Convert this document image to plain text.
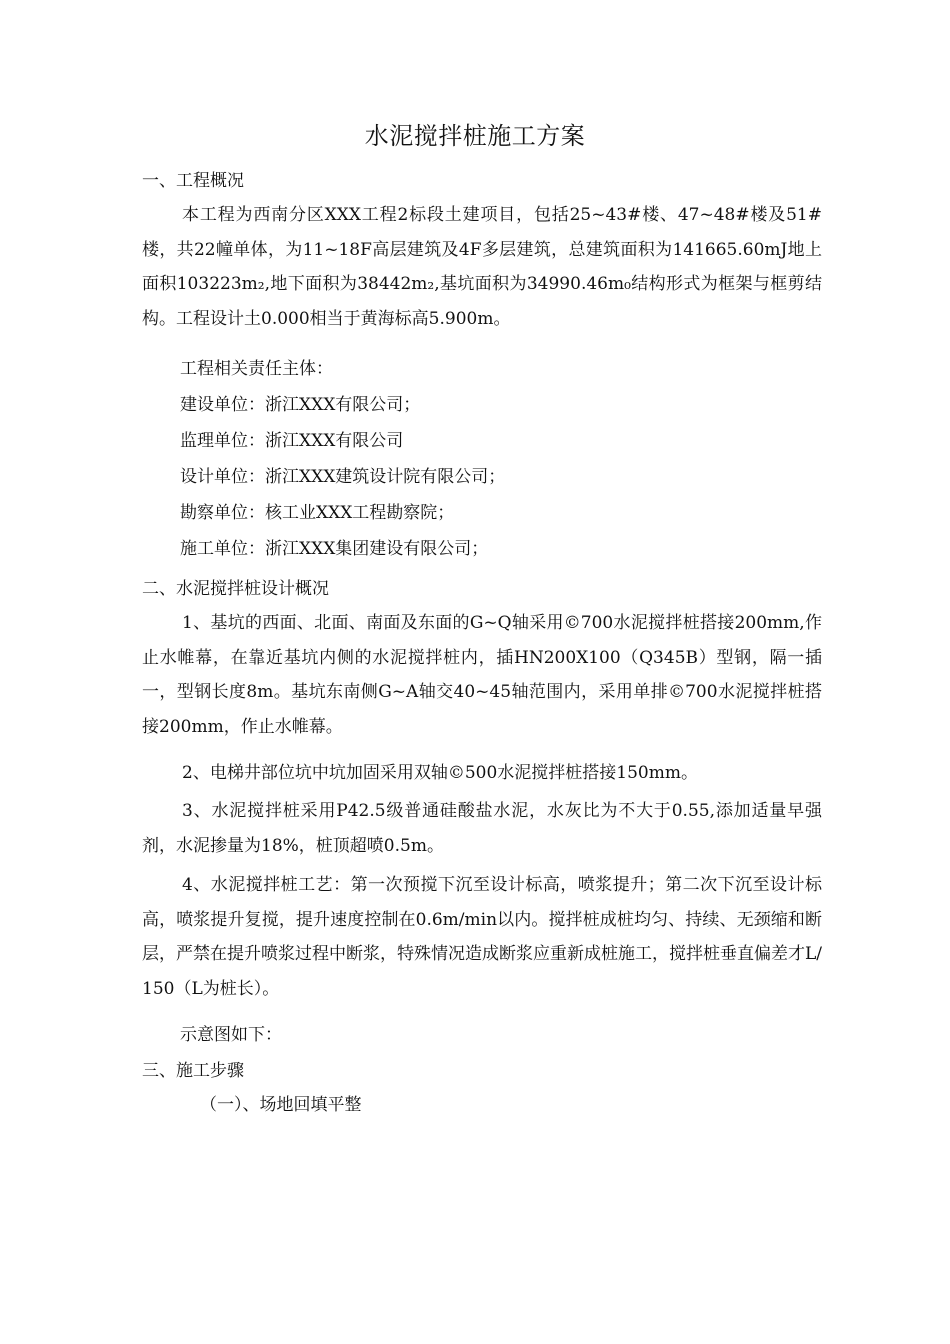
水泥搅拌桩施工方案

一、工程概况

本工程为西南分区XXX工程2标段土建项目，包括25~43#楼、47~48#楼及51#楼，共22幢单体，为11~18F高层建筑及4F多层建筑，总建筑面积为141665.60mJ地上面积103223m₂,地下面积为38442m₂,基坑面积为34990.46m₀结构形式为框架与框剪结构。工程设计土0.000相当于黄海标高5.900m。

工程相关责任主体：

建设单位：浙江XXX有限公司；

监理单位：浙江XXX有限公司

设计单位：浙江XXX建筑设计院有限公司；

勘察单位：核工业XXX工程勘察院；

施工单位：浙江XXX集团建设有限公司；

二、水泥搅拌桩设计概况

1、基坑的西面、北面、南面及东面的G~Q轴采用©700水泥搅拌桩搭接200mm,作止水帷幕，在靠近基坑内侧的水泥搅拌桩内，插HN200X100（Q345B）型钢，隔一插一，型钢长度8m。基坑东南侧G~A轴交40~45轴范围内，采用单排©700水泥搅拌桩搭接200mm，作止水帷幕。

2、电梯井部位坑中坑加固采用双轴©500水泥搅拌桩搭接150mm。

3、水泥搅拌桩采用P42.5级普通硅酸盐水泥，水灰比为不大于0.55,添加适量早强剂，水泥掺量为18%，桩顶超喷0.5m。

4、水泥搅拌桩工艺：第一次预搅下沉至设计标高，喷浆提升；第二次下沉至设计标高，喷浆提升复搅，提升速度控制在0.6m/min以内。搅拌桩成桩均匀、持续、无颈缩和断层，严禁在提升喷浆过程中断浆，特殊情况造成断浆应重新成桩施工，搅拌桩垂直偏差才L/150（L为桩长）。

示意图如下：

三、施工步骤

（一）、场地回填平整
